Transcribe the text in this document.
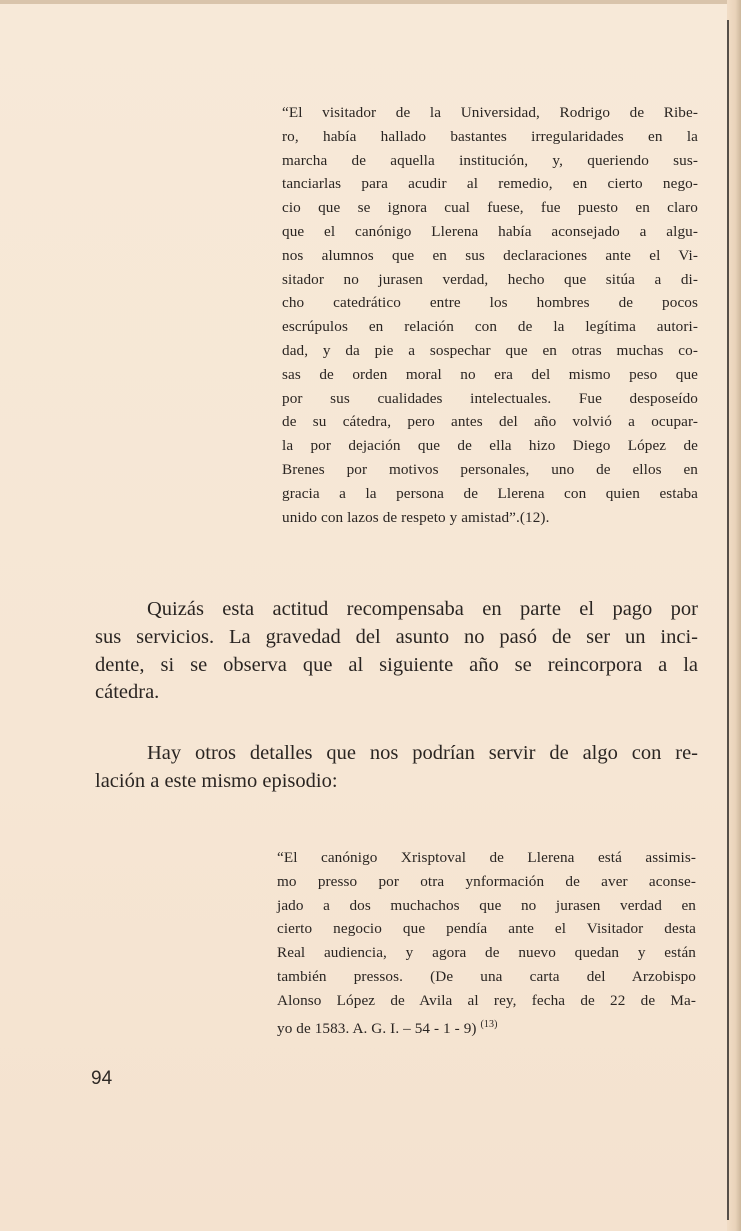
“El visitador de la Universidad, Rodrigo de Ribe-
ro, había hallado bastantes irregularidades en la
marcha de aquella institución, y, queriendo sus-
tanciarlas para acudir al remedio, en cierto nego-
cio que se ignora cual fuese, fue puesto en claro
que el canónigo Llerena había aconsejado a algu-
nos alumnos que en sus declaraciones ante el Vi-
sitador no jurasen verdad, hecho que sitúa a di-
cho catedrático entre los hombres de pocos
escrúpulos en relación con de la legítima autori-
dad, y da pie a sospechar que en otras muchas co-
sas de orden moral no era del mismo peso que
por sus cualidades intelectuales. Fue desposeído
de su cátedra, pero antes del año volvió a ocupar-
la por dejación que de ella hizo Diego López de
Brenes por motivos personales, uno de ellos en
gracia a la persona de Llerena con quien estaba
unido con lazos de respeto y amistad”.(12).
Quizás esta actitud recompensaba en parte el pago por
sus servicios. La gravedad del asunto no pasó de ser un inci-
dente, si se observa que al siguiente año se reincorpora a la
cátedra.
Hay otros detalles que nos podrían servir de algo con re-
lación a este mismo episodio:
“El canónigo Xrisptoval de Llerena está assimis-
mo presso por otra ynformación de aver aconse-
jado a dos muchachos que no jurasen verdad en
cierto negocio que pendía ante el Visitador desta
Real audiencia, y agora de nuevo quedan y están
también pressos. (De una carta del Arzobispo
Alonso López de Avila al rey, fecha de 22 de Ma-
yo de 1583. A. G. I. – 54 - 1 - 9) $^{(13)}$
94
